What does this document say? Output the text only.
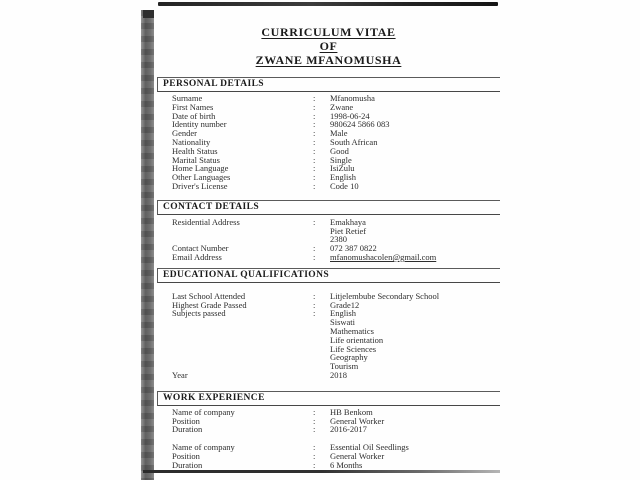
CURRICULUM VITAE
OF
ZWANE MFANOMUSHA
PERSONAL DETAILS
Surname	:	Mfanomusha
First Names	:	Zwane
Date of birth	:	1998-06-24
Identity number	:	980624 5866 083
Gender	:	Male
Nationality	:	South African
Health Status	:	Good
Marital Status	:	Single
Home Language	:	IsiZulu
Other Languages	:	English
Driver's License	:	Code 10
CONTACT DETAILS
Residential Address	:	Emakhaya
Piet Retief
2380
Contact Number	:	072 387 0822
Email Address	:	mfanomushacolen@gmail.com
EDUCATIONAL QUALIFICATIONS
Last School Attended	:	Litjelembube Secondary School
Highest Grade Passed	:	Grade12
Subjects passed	:	English
Siswati
Mathematics
Life orientation
Life Sciences
Geography
Tourism
Year	2018
WORK EXPERIENCE
Name of company	:	HB Benkom
Position	:	General Worker
Duration	:	2016-2017
Name of company	:	Essential Oil Seedlings
Position	:	General Worker
Duration	:	6 Months
